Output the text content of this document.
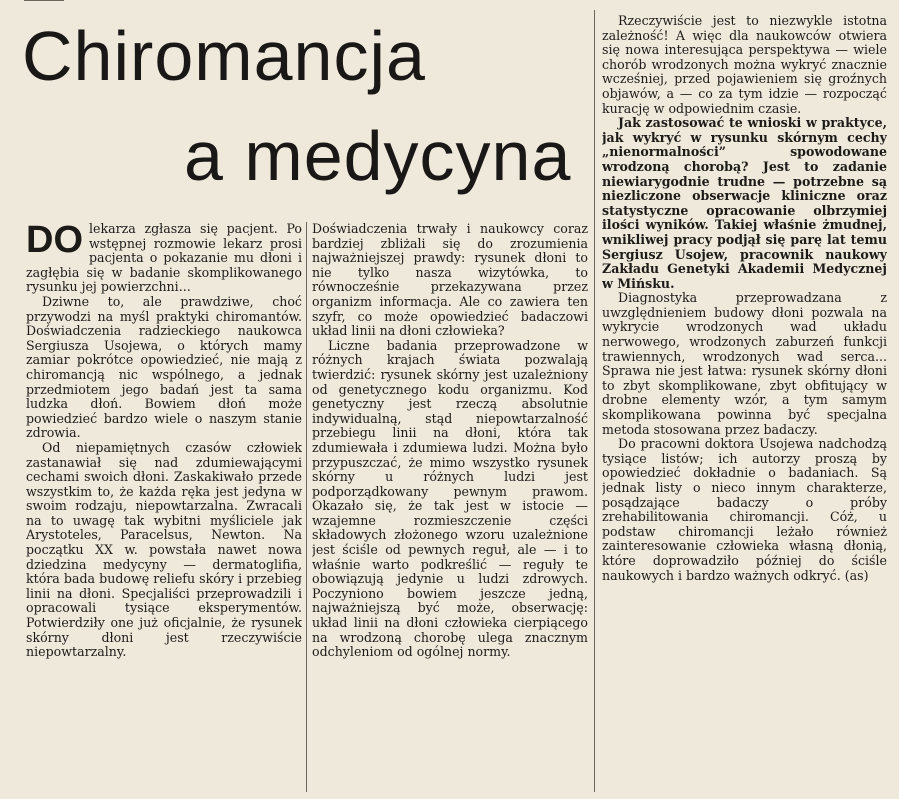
Chiromancja
a medycyna

DO lekarza zgłasza się pacjent. Po wstępnej rozmowie lekarz prosi pacjenta o pokazanie mu dłoni i zagłębia się w badanie skomplikowanego rysunku jej powierzchni...

Dziwne to, ale prawdziwe, choć przywodzi na myśl praktyki chiromantów. Doświadczenia radzieckiego naukowca Sergiusza Usojewa, o których mamy zamiar pokrótce opowiedzieć, nie mają z chiromancją nic wspólnego, a jednak przedmiotem jego badań jest ta sama ludzka dłoń. Bowiem dłoń może powiedzieć bardzo wiele o naszym stanie zdrowia.

Od niepamiętnych czasów człowiek zastanawiał się nad zdumiewającymi cechami swoich dłoni. Zaskakiwało przede wszystkim to, że każda ręka jest jedyna w swoim rodzaju, niepowtarzalna. Zwracali na to uwagę tak wybitni myśliciele jak Arystoteles, Paracelsus, Newton. Na początku XX w. powstała nawet nowa dziedzina medycyny — dermatoglifia, która bada budowę reliefu skóry i przebieg linii na dłoni. Specjaliści przeprowadzili i opracowali tysiące eksperymentów. Potwierdziły one już oficjalnie, że rysunek skórny dłoni jest rzeczywiście niepowtarzalny.

Doświadczenia trwały i naukowcy coraz bardziej zbliżali się do zrozumienia najważniejszej prawdy: rysunek dłoni to nie tylko nasza wizytówka, to równocześnie przekazywana przez organizm informacja. Ale co zawiera ten szyfr, co może opowiedzieć badaczowi układ linii na dłoni człowieka?

Liczne badania przeprowadzone w różnych krajach świata pozwalają twierdzić: rysunek skórny jest uzależniony od genetycznego kodu organizmu. Kod genetyczny jest rzeczą absolutnie indywidualną, stąd niepowtarzalność przebiegu linii na dłoni, która tak zdumiewała i zdumiewa ludzi. Można było przypuszczać, że mimo wszystko rysunek skórny u różnych ludzi jest podporządkowany pewnym prawom. Okazało się, że tak jest w istocie — wzajemne rozmieszczenie części składowych złożonego wzoru uzależnione jest ściśle od pewnych reguł, ale — i to właśnie warto podkreślić — reguły te obowiązują jedynie u ludzi zdrowych. Poczyniono bowiem jeszcze jedną, najważniejszą być może, obserwację: układ linii na dłoni człowieka cierpiącego na wrodzoną chorobę ulega znacznym odchyleniom od ogólnej normy.

Rzeczywiście jest to niezwykle istotna zależność! A więc dla naukowców otwiera się nowa interesująca perspektywa — wiele chorób wrodzonych można wykryć znacznie wcześniej, przed pojawieniem się groźnych objawów, a — co za tym idzie — rozpocząć kurację w odpowiednim czasie.

Jak zastosować te wnioski w praktyce, jak wykryć w rysunku skórnym cechy „nienormalności” spowodowane wrodzoną chorobą? Jest to zadanie niewiarygodnie trudne — potrzebne są niezliczone obserwacje kliniczne oraz statystyczne opracowanie olbrzymiej ilości wyników. Takiej właśnie żmudnej, wnikliwej pracy podjął się parę lat temu Sergiusz Usojew, pracownik naukowy Zakładu Genetyki Akademii Medycznej w Mińsku.

Diagnostyka przeprowadzana z uwzględnieniem budowy dłoni pozwala na wykrycie wrodzonych wad układu nerwowego, wrodzonych zaburzeń funkcji trawiennych, wrodzonych wad serca... Sprawa nie jest łatwa: rysunek skórny dłoni to zbyt skomplikowane, zbyt obfitujący w drobne elementy wzór, a tym samym skomplikowana powinna być specjalna metoda stosowana przez badaczy.

Do pracowni doktora Usojewa nadchodzą tysiące listów; ich autorzy proszą by opowiedzieć dokładnie o badaniach. Są jednak listy o nieco innym charakterze, posądzające badaczy o próby zrehabilitowania chiromancji. Cóż, u podstaw chiromancji leżało również zainteresowanie człowieka własną dłonią, które doprowadziło później do ściśle naukowych i bardzo ważnych odkryć. (as)
